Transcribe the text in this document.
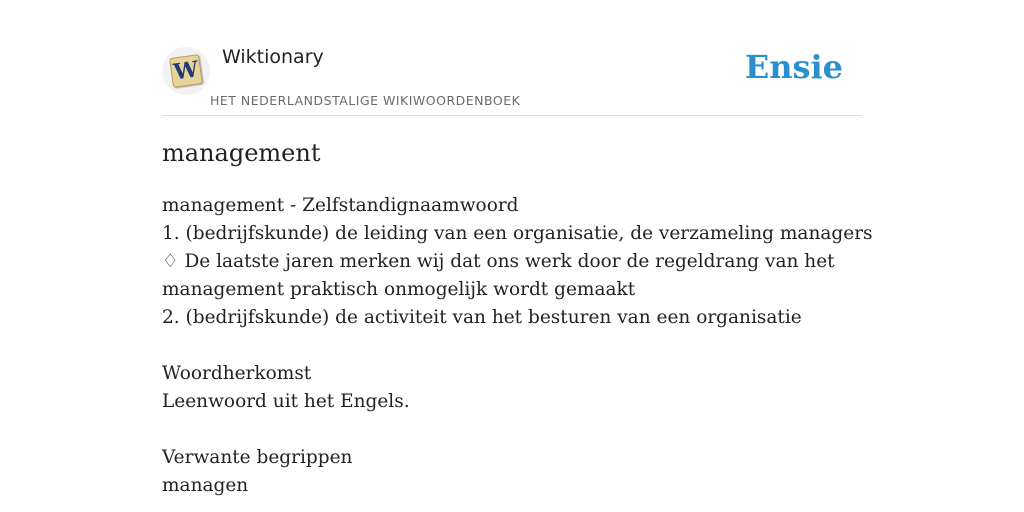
W Wiktionary
HET NEDERLANDSTALIGE WIKIWOORDENBOEK
Ensie
management
management - Zelfstandignaamwoord
1. (bedrijfskunde) de leiding van een organisatie, de verzameling managers
♢ De laatste jaren merken wij dat ons werk door de regeldrang van het
management praktisch onmogelijk wordt gemaakt
2. (bedrijfskunde) de activiteit van het besturen van een organisatie
Woordherkomst
Leenwoord uit het Engels.
Verwante begrippen
managen
